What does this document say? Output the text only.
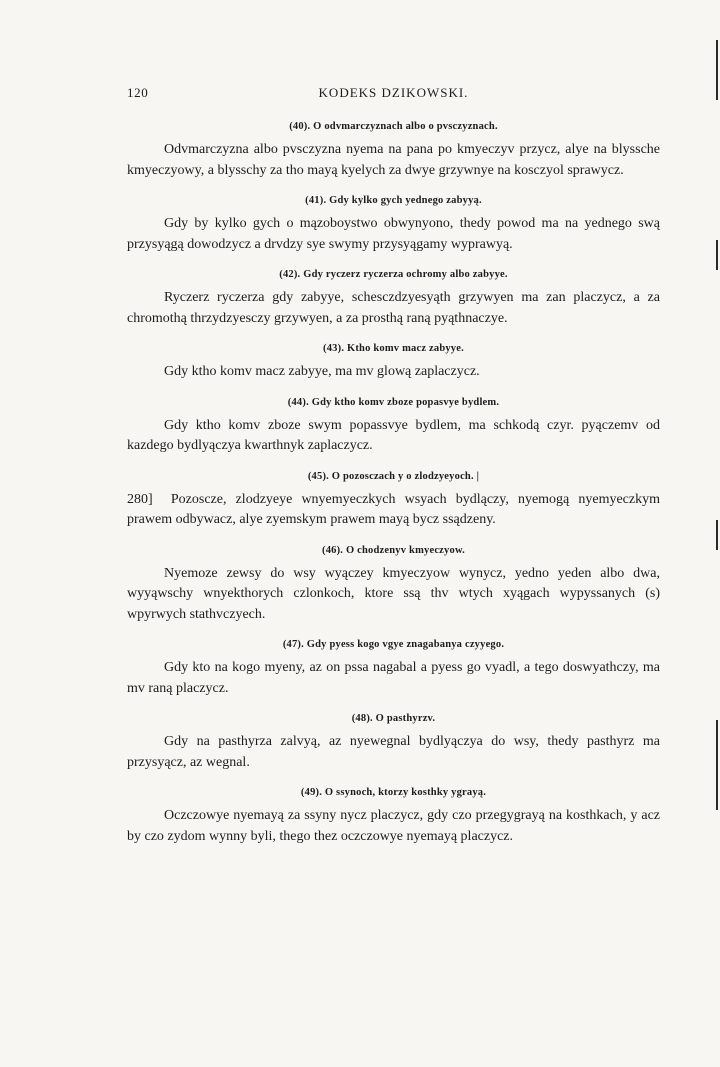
120	KODEKS DZIKOWSKI.
(40). O odvmarczyznach albo o pvsczyznach.

Odvmarczyzna albo pvsczyzna nyema na pana po kmyeczyv przycz, alye na blyssche kmyeczyowy, a blysschy za tho mayą kyelych za dwye grzywnye na kosczyol sprawycz.

(41). Gdy kylko gych yednego zabyyą.

Gdy by kylko gych o mązoboystwo obwynyono, thedy powod ma na yednego swą przysyągą dowodzycz a drvdzy sye swymy przysyągamy wyprawyą.

(42). Gdy ryczerz ryczerza ochromy albo zabyye.

Ryczerz ryczerza gdy zabyye, schesczdzyesyąth grzywyen ma zan placzycz, a za chromothą thrzydzyesczy grzywyen, a za prosthą raną pyąthnaczye.

(43). Ktho komv macz zabyye.

Gdy ktho komv macz zabyye, ma mv glową zaplaczycz.

(44). Gdy ktho komv zboze popasvye bydlem.

Gdy ktho komv zboze swym popassvye bydlem, ma schkodą czyr. pyączemv od kazdego bydlyączya kwarthnyk zaplaczycz.

(45). O pozosczach y o zlodzyeyoch. |

280] Pozoscze, zlodzyeye wnyemyeczkych wsyach bydlączy, nyemogą nyemyeczkym prawem odbywacz, alye zyemskym prawem mayą bycz ssądzeny.

(46). O chodzenyv kmyeczyow.

Nyemoze zewsy do wsy wyączey kmyeczyow wynycz, yedno yeden albo dwa, wyyąwschy wnyekthorych czlonkoch, ktore ssą thv wtych xyągach wypyssanych (s) wpyrwych stathvczyech.

(47). Gdy pyess kogo vgye znagabanya czyyego.

Gdy kto na kogo myeny, az on pssa nagabal a pyess go vyadl, a tego doswyathczy, ma mv raną placzycz.

(48). O pasthyrzv.

Gdy na pasthyrza zalvyą, az nyewegnal bydlyączya do wsy, thedy pasthyrz ma przysyącz, az wegnal.

(49). O ssynoch, ktorzy kosthky ygrayą.

Oczczowye nyemayą za ssyny nycz placzycz, gdy czo przegygrayą na kosthkach, y acz by czo zydom wynny byli, thego thez oczczowye nyemayą placzycz.
